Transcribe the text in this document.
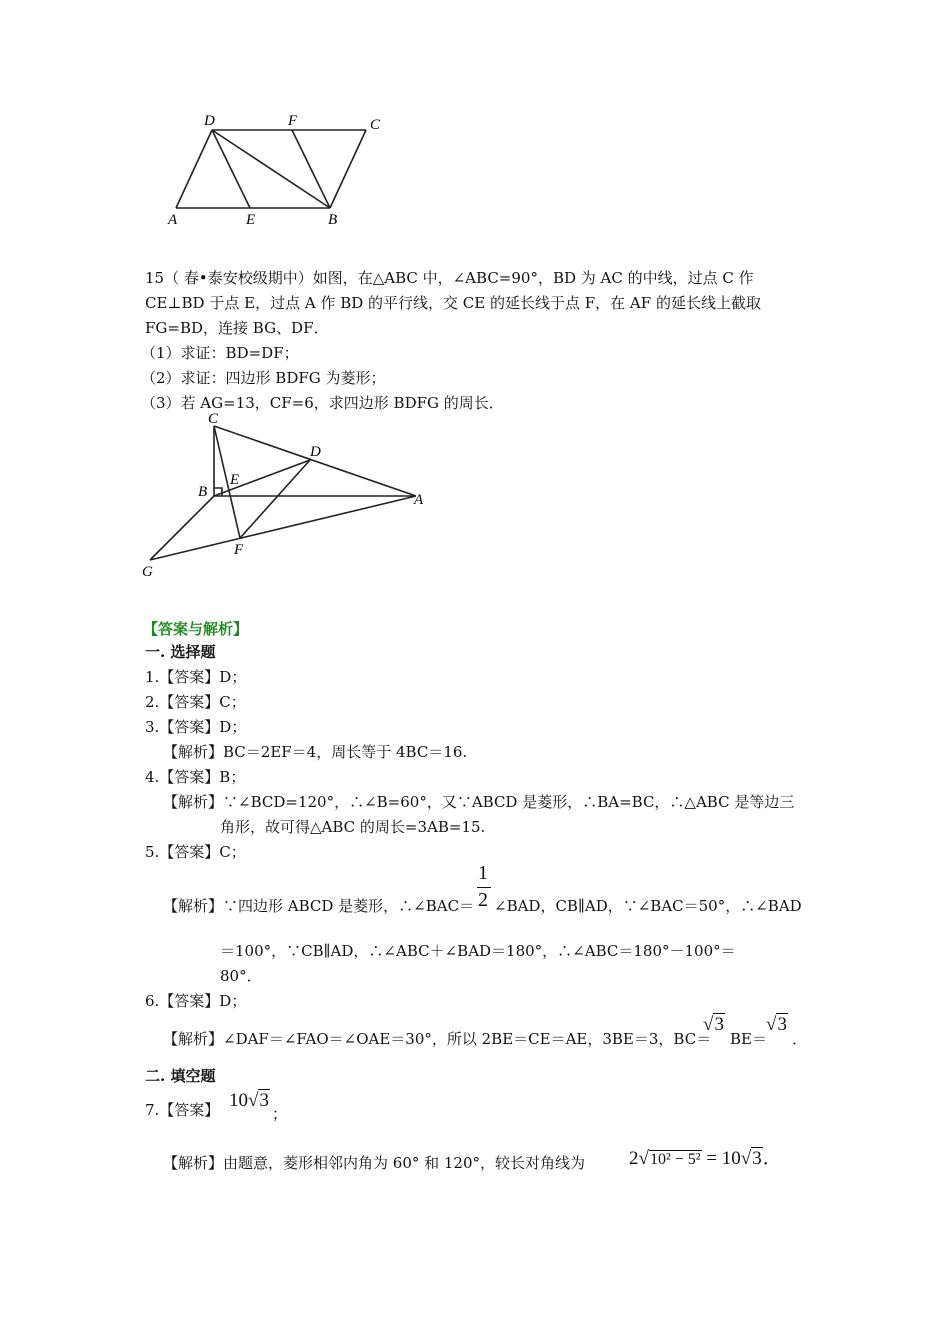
D	F	C
A	E	B
15（ 春•泰安校级期中）如图，在△ABC 中，∠ABC=90°，BD 为 AC 的中线，过点 C 作
CE⊥BD 于点 E，过点 A 作 BD 的平行线，交 CE 的延长线于点 F，在 AF 的延长线上截取
FG=BD，连接 BG、DF．
（1）求证：BD=DF；
（2）求证：四边形 BDFG 为菱形；
（3）若 AG=13，CF=6，求四边形 BDFG 的周长．
C
D
E
B	A
F
G
【答案与解析】
一. 选择题
1.【答案】D；
2.【答案】C；
3.【答案】D；
【解析】BC＝2EF＝4，周长等于 4BC＝16.
4.【答案】B；
【解析】∵∠BCD=120°，∴∠B=60°，又∵ABCD 是菱形，∴BA=BC，∴△ABC 是等边三
角形，故可得△ABC 的周长=3AB=15.
5.【答案】C；
【解析】∵四边形 ABCD 是菱形，∴∠BAC＝
1
2 ∠BAD，CB∥AD，∵∠BAC＝50°，∴∠BAD
＝100°，∵CB∥AD，∴∠ABC＋∠BAD＝180°，∴∠ABC＝180°－100°＝
80°．
6.【答案】D；
【解析】∠DAF＝∠FAO＝∠OAE＝30°，所以 2BE＝CE＝AE，3BE＝3，BC＝
√3
BE＝
√3
．
二. 填空题
7.【答案】 10√3
；
【解析】由题意，菱形相邻内角为 60° 和 120°，较长对角线为 2√10² − 5² = 10√3．
